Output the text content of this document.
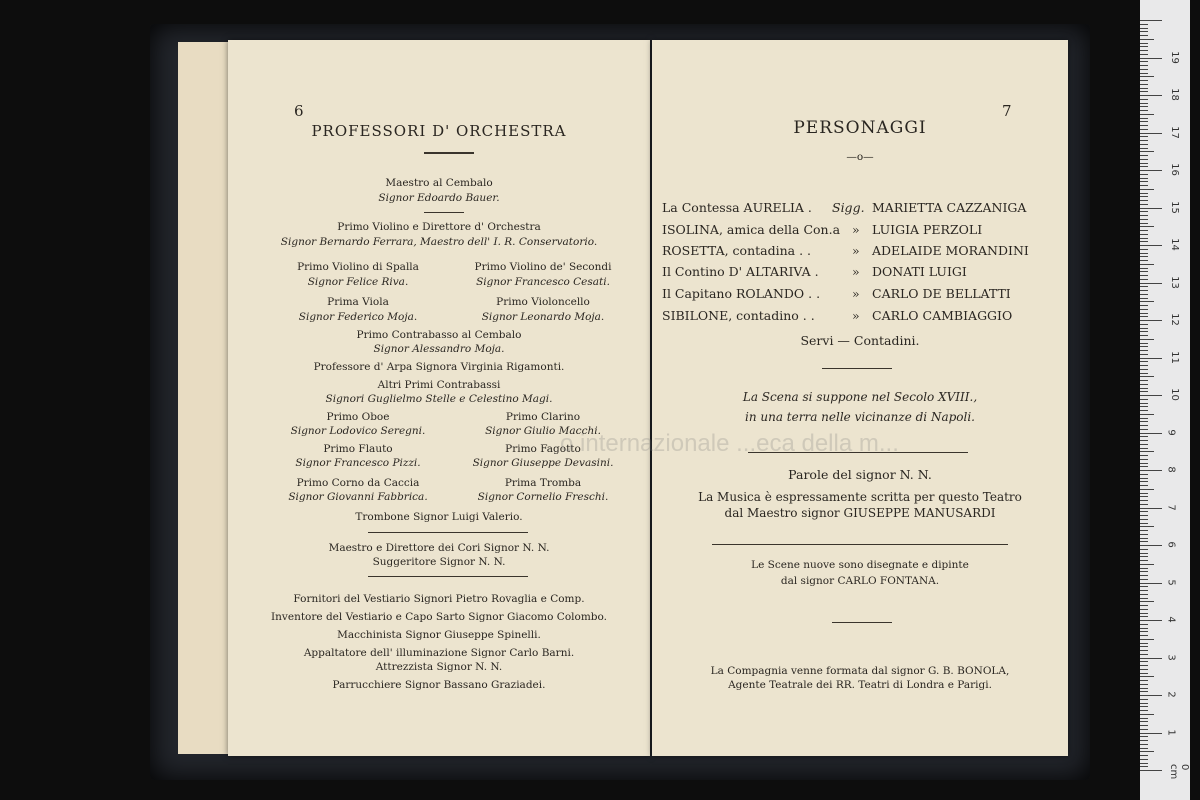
6
PROFESSORI D' ORCHESTRA
Maestro al Cembalo
Signor Edoardo Bauer.
Primo Violino e Direttore d' Orchestra
Signor Bernardo Ferrara, Maestro dell' I. R. Conservatorio.
Primo Violino di Spalla
Signor Felice Riva.
Primo Violino de' Secondi
Signor Francesco Cesati.
Prima Viola
Signor Federico Moja.
Primo Violoncello
Signor Leonardo Moja.
Primo Contrabasso al Cembalo
Signor Alessandro Moja.
Professore d' Arpa Signora Virginia Rigamonti.
Altri Primi Contrabassi
Signori Guglielmo Stelle e Celestino Magi.
Primo Oboe
Signor Lodovico Seregni.
Primo Clarino
Signor Giulio Macchi.
Primo Flauto
Signor Francesco Pizzi.
Primo Fagotto
Signor Giuseppe Devasini.
Primo Corno da Caccia
Signor Giovanni Fabbrica.
Prima Tromba
Signor Cornelio Freschi.
Trombone Signor Luigi Valerio.
Maestro e Direttore dei Cori Signor N. N.
Suggeritore Signor N. N.
Fornitori del Vestiario Signori Pietro Rovaglia e Comp.
Inventore del Vestiario e Capo Sarto Signor Giacomo Colombo.
Macchinista Signor Giuseppe Spinelli.
Appaltatore dell' illuminazione Signor Carlo Barni.
Attrezzista Signor N. N.
Parrucchiere Signor Bassano Graziadei.
7
PERSONAGGI
—o—
La Contessa AURELIA . Sigg. MARIETTA CAZZANIGA
ISOLINA, amica della Con.a » LUIGIA PERZOLI
ROSETTA, contadina . .	» ADELAIDE MORANDINI
Il Contino D' ALTARIVA .	» DONATI LUIGI
Il Capitano ROLANDO . .	» CARLO DE BELLATTI
SIBILONE, contadino . .	» CARLO CAMBIAGGIO
Servi — Contadini.
La Scena si suppone nel Secolo XVIII.,
in una terra nelle vicinanze di Napoli.
Parole del signor N. N.
La Musica è espressamente scritta per questo Teatro
dal Maestro signor GIUSEPPE MANUSARDI
Le Scene nuove sono disegnate e dipinte
dal signor CARLO FONTANA.
La Compagnia venne formata dal signor G. B. BONOLA,
Agente Teatrale dei RR. Teatri di Londra e Parigi.
o internazionale ...eca della m...
0 cm
1
2
3
4
5
6
7
8
9
10
11
12
13
14
15
16
17
18
19
